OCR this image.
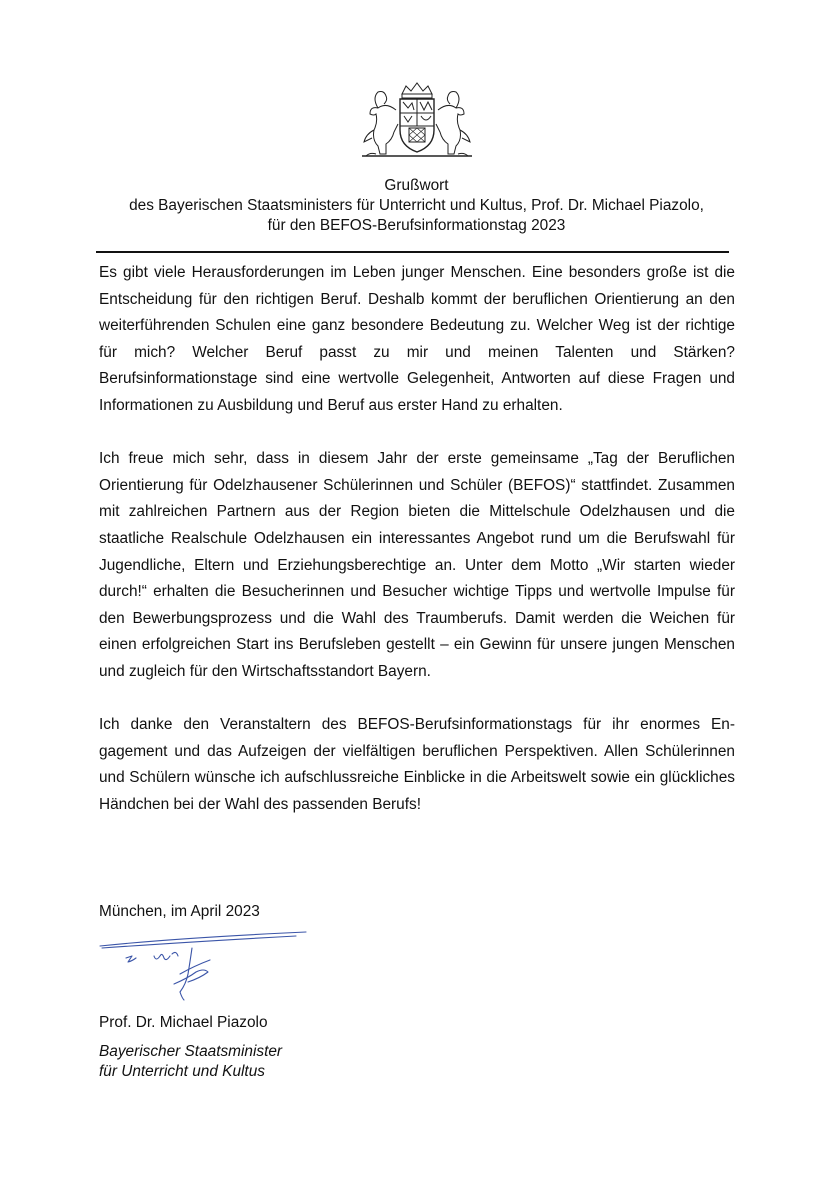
Grußwort
des Bayerischen Staatsministers für Unterricht und Kultus, Prof. Dr. Michael Piazolo,
für den BEFOS-Berufsinformationstag 2023

Es gibt viele Herausforderungen im Leben junger Menschen. Eine besonders große ist die Entscheidung für den richtigen Beruf. Deshalb kommt der beruflichen Orientierung an den weiterführenden Schulen eine ganz besondere Bedeutung zu. Welcher Weg ist der richtige für mich? Welcher Beruf passt zu mir und meinen Talenten und Stärken? Berufsinformationstage sind eine wertvolle Gelegenheit, Antworten auf diese Fragen und Informationen zu Ausbildung und Beruf aus erster Hand zu erhalten.

Ich freue mich sehr, dass in diesem Jahr der erste gemeinsame „Tag der Beruflichen Orientierung für Odelzhausener Schülerinnen und Schüler (BEFOS)“ stattfindet. Zusammen mit zahlreichen Partnern aus der Region bieten die Mittelschule Odelzhausen und die staatliche Realschule Odelzhausen ein interessantes Angebot rund um die Berufswahl für Jugendliche, Eltern und Erziehungsberechtige an. Unter dem Motto „Wir starten wieder durch!“ erhalten die Besucherinnen und Besucher wichtige Tipps und wertvolle Impulse für den Bewerbungsprozess und die Wahl des Traumberufs. Damit werden die Weichen für einen erfolgreichen Start ins Berufsleben gestellt – ein Gewinn für unsere jungen Menschen und zugleich für den Wirtschaftsstandort Bayern.

Ich danke den Veranstaltern des BEFOS-Berufsinformationstags für ihr enormes Engagement und das Aufzeigen der vielfältigen beruflichen Perspektiven. Allen Schülerinnen und Schülern wünsche ich aufschlussreiche Einblicke in die Arbeitswelt sowie ein glückliches Händchen bei der Wahl des passenden Berufs!

München, im April 2023
Prof. Dr. Michael Piazolo
Bayerischer Staatsminister
für Unterricht und Kultus
